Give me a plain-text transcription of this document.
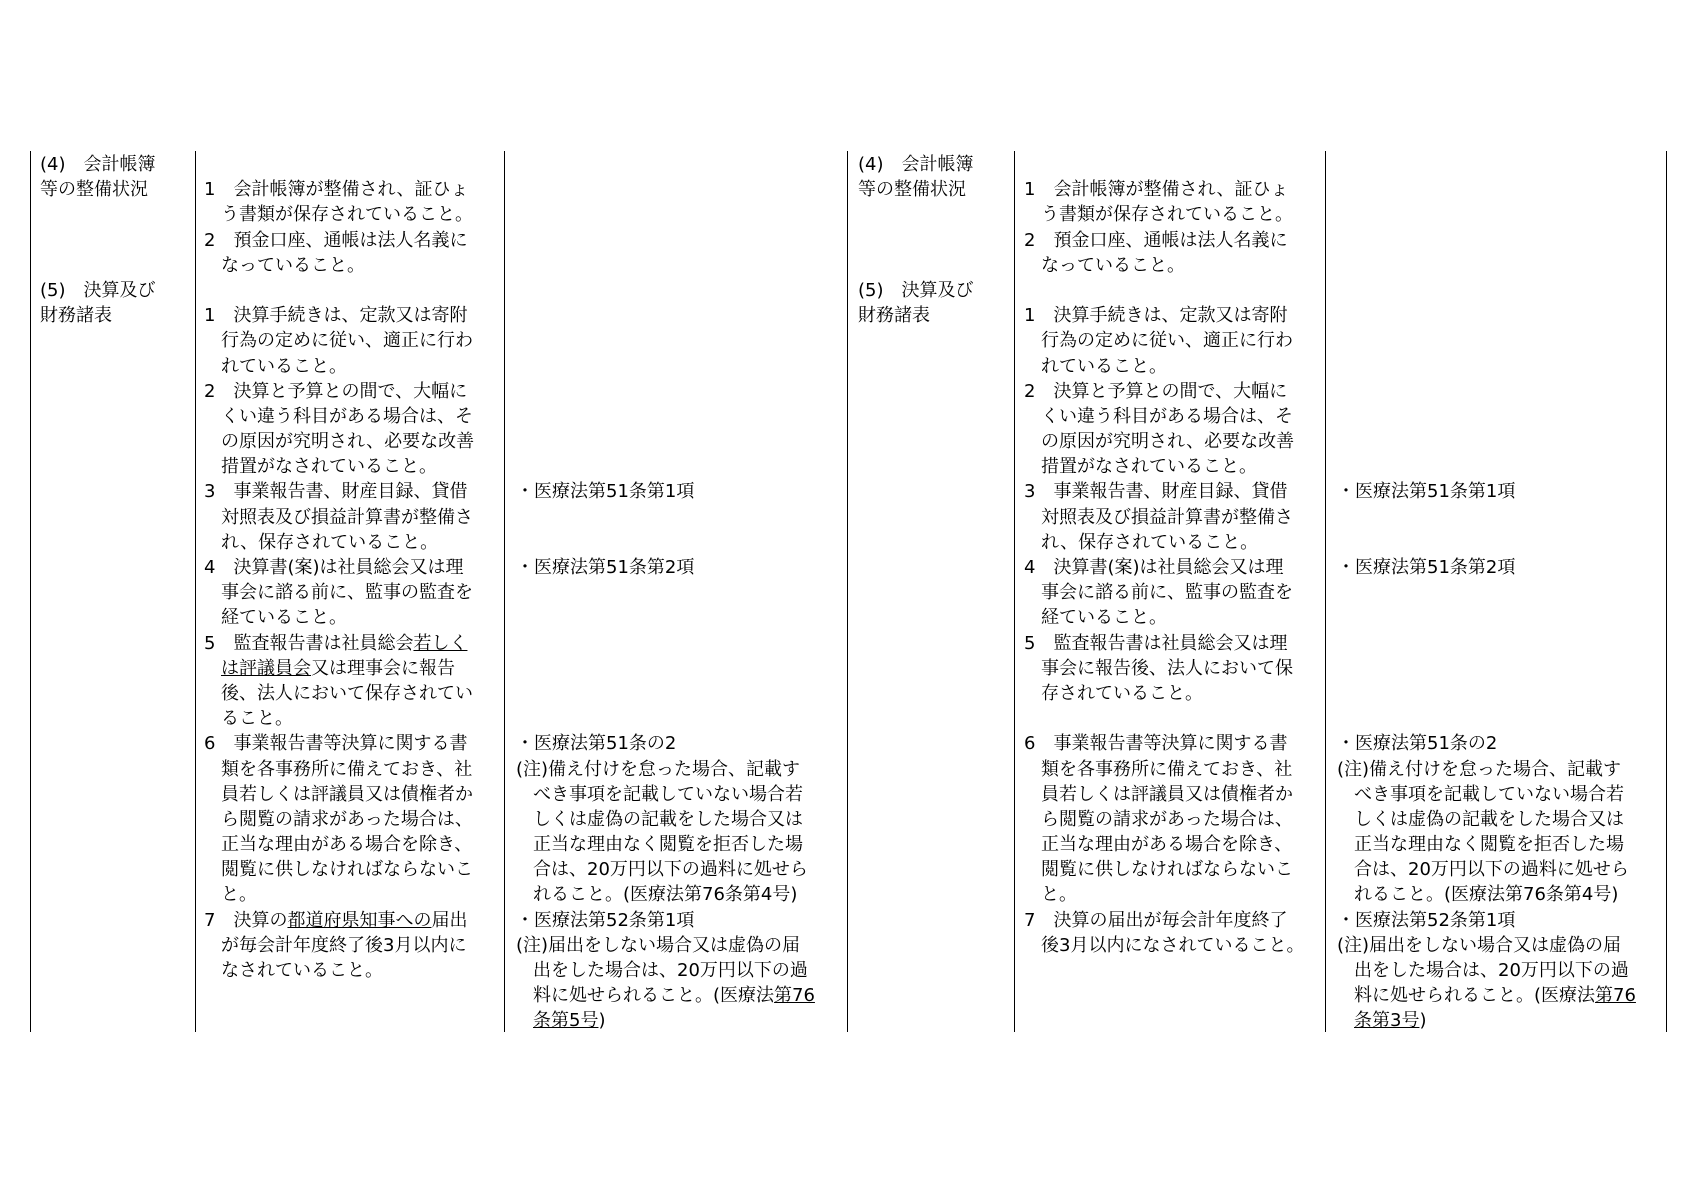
(4)　会計帳簿
等の整備状況
(5)　決算及び
財務諸表
1　会計帳簿が整備され、証ひょ
う書類が保存されていること。
2　預金口座、通帳は法人名義に
なっていること。
1　決算手続きは、定款又は寄附
行為の定めに従い、適正に行わ
れていること。
2　決算と予算との間で、大幅に
くい違う科目がある場合は、そ
の原因が究明され、必要な改善
措置がなされていること。
3　事業報告書、財産目録、貸借
対照表及び損益計算書が整備さ
れ、保存されていること。
4　決算書(案)は社員総会又は理
事会に諮る前に、監事の監査を
経ていること。
5　監査報告書は社員総会若しく
は評議員会又は理事会に報告
後、法人において保存されてい
ること。
6　事業報告書等決算に関する書
類を各事務所に備えておき、社
員若しくは評議員又は債権者か
ら閲覧の請求があった場合は、
正当な理由がある場合を除き、
閲覧に供しなければならないこ
と。
7　決算の都道府県知事への届出
が毎会計年度終了後3月以内に
なされていること。
・医療法第51条第1項
・医療法第51条第2項
・医療法第51条の2
(注)備え付けを怠った場合、記載す
べき事項を記載していない場合若
しくは虚偽の記載をした場合又は
正当な理由なく閲覧を拒否した場
合は、20万円以下の過料に処せら
れること。(医療法第76条第4号)
・医療法第52条第1項
(注)届出をしない場合又は虚偽の届
出をした場合は、20万円以下の過
料に処せられること。(医療法第76
条第5号)
(4)　会計帳簿
等の整備状況
(5)　決算及び
財務諸表
1　会計帳簿が整備され、証ひょ
う書類が保存されていること。
2　預金口座、通帳は法人名義に
なっていること。
1　決算手続きは、定款又は寄附
行為の定めに従い、適正に行わ
れていること。
2　決算と予算との間で、大幅に
くい違う科目がある場合は、そ
の原因が究明され、必要な改善
措置がなされていること。
3　事業報告書、財産目録、貸借
対照表及び損益計算書が整備さ
れ、保存されていること。
4　決算書(案)は社員総会又は理
事会に諮る前に、監事の監査を
経ていること。
5　監査報告書は社員総会又は理
事会に報告後、法人において保
存されていること。
6　事業報告書等決算に関する書
類を各事務所に備えておき、社
員若しくは評議員又は債権者か
ら閲覧の請求があった場合は、
正当な理由がある場合を除き、
閲覧に供しなければならないこ
と。
7　決算の届出が毎会計年度終了
後3月以内になされていること。
・医療法第51条第1項
・医療法第51条第2項
・医療法第51条の2
(注)備え付けを怠った場合、記載す
べき事項を記載していない場合若
しくは虚偽の記載をした場合又は
正当な理由なく閲覧を拒否した場
合は、20万円以下の過料に処せら
れること。(医療法第76条第4号)
・医療法第52条第1項
(注)届出をしない場合又は虚偽の届
出をした場合は、20万円以下の過
料に処せられること。(医療法第76
条第3号)
